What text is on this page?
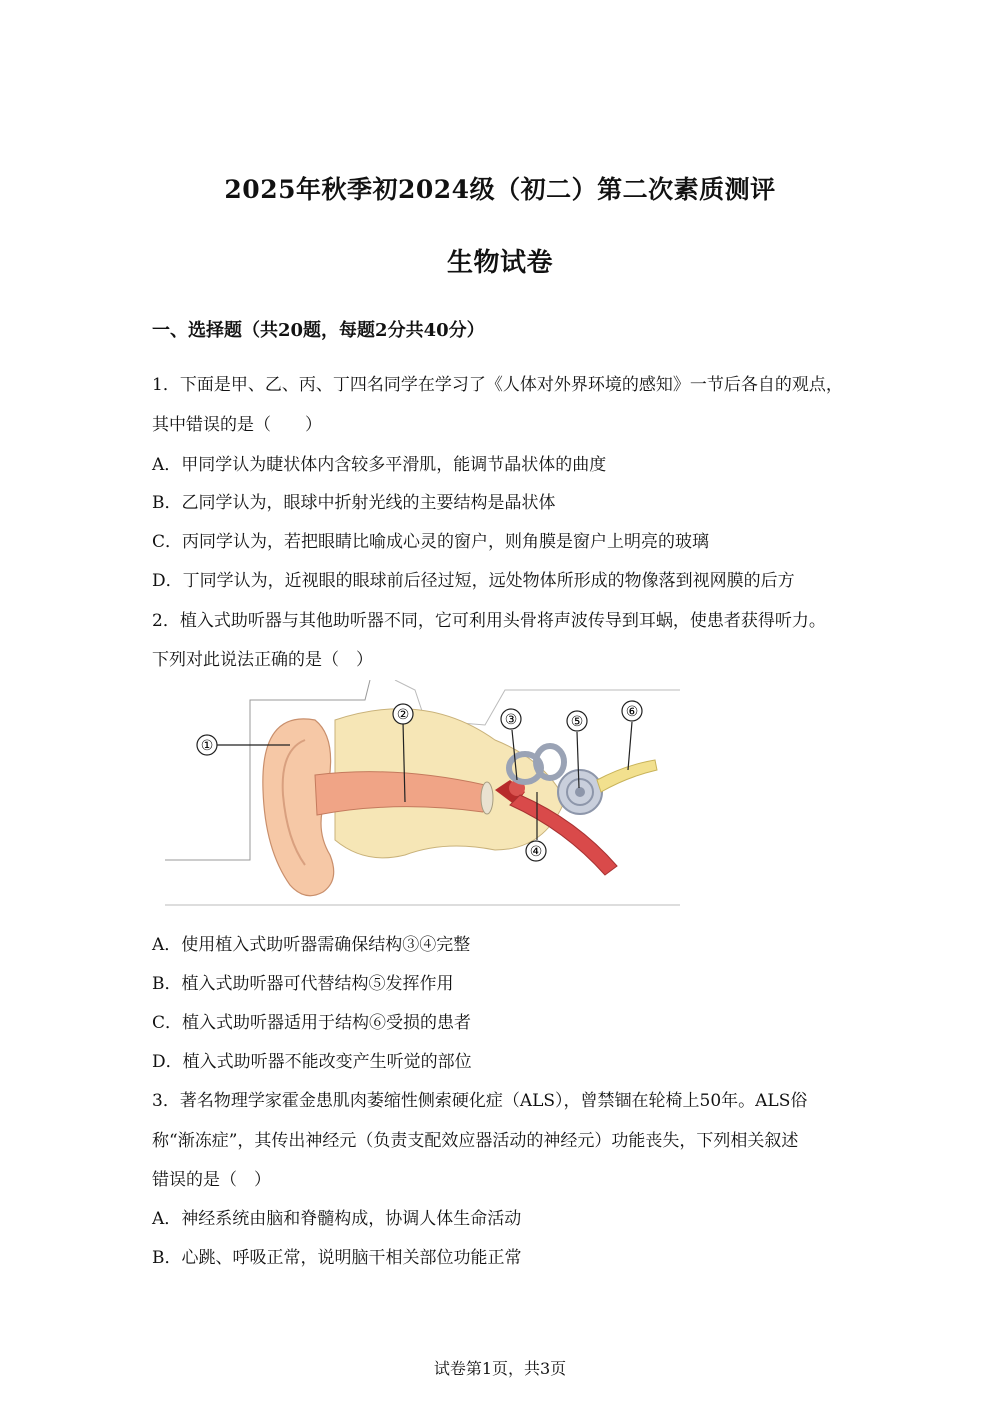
2025年秋季初2024级（初二）第二次素质测评
生物试卷
一、选择题（共20题，每题2分共40分）
1．下面是甲、乙、丙、丁四名同学在学习了《人体对外界环境的感知》一节后各自的观点，
其中错误的是（　　）
A．甲同学认为睫状体内含较多平滑肌，能调节晶状体的曲度
B．乙同学认为，眼球中折射光线的主要结构是晶状体
C．丙同学认为，若把眼睛比喻成心灵的窗户，则角膜是窗户上明亮的玻璃
D．丁同学认为，近视眼的眼球前后径过短，远处物体所形成的物像落到视网膜的后方
2．植入式助听器与其他助听器不同，它可利用头骨将声波传导到耳蜗，使患者获得听力。
下列对此说法正确的是（　）
①
②	③
④
⑤
⑥
A．使用植入式助听器需确保结构③④完整
B．植入式助听器可代替结构⑤发挥作用
C．植入式助听器适用于结构⑥受损的患者
D．植入式助听器不能改变产生听觉的部位
3．著名物理学家霍金患肌肉萎缩性侧索硬化症（ALS），曾禁锢在轮椅上50年。ALS俗
称“渐冻症”，其传出神经元（负责支配效应器活动的神经元）功能丧失，下列相关叙述
错误的是（　）
A．神经系统由脑和脊髓构成，协调人体生命活动
B．心跳、呼吸正常，说明脑干相关部位功能正常
试卷第1页，共3页
